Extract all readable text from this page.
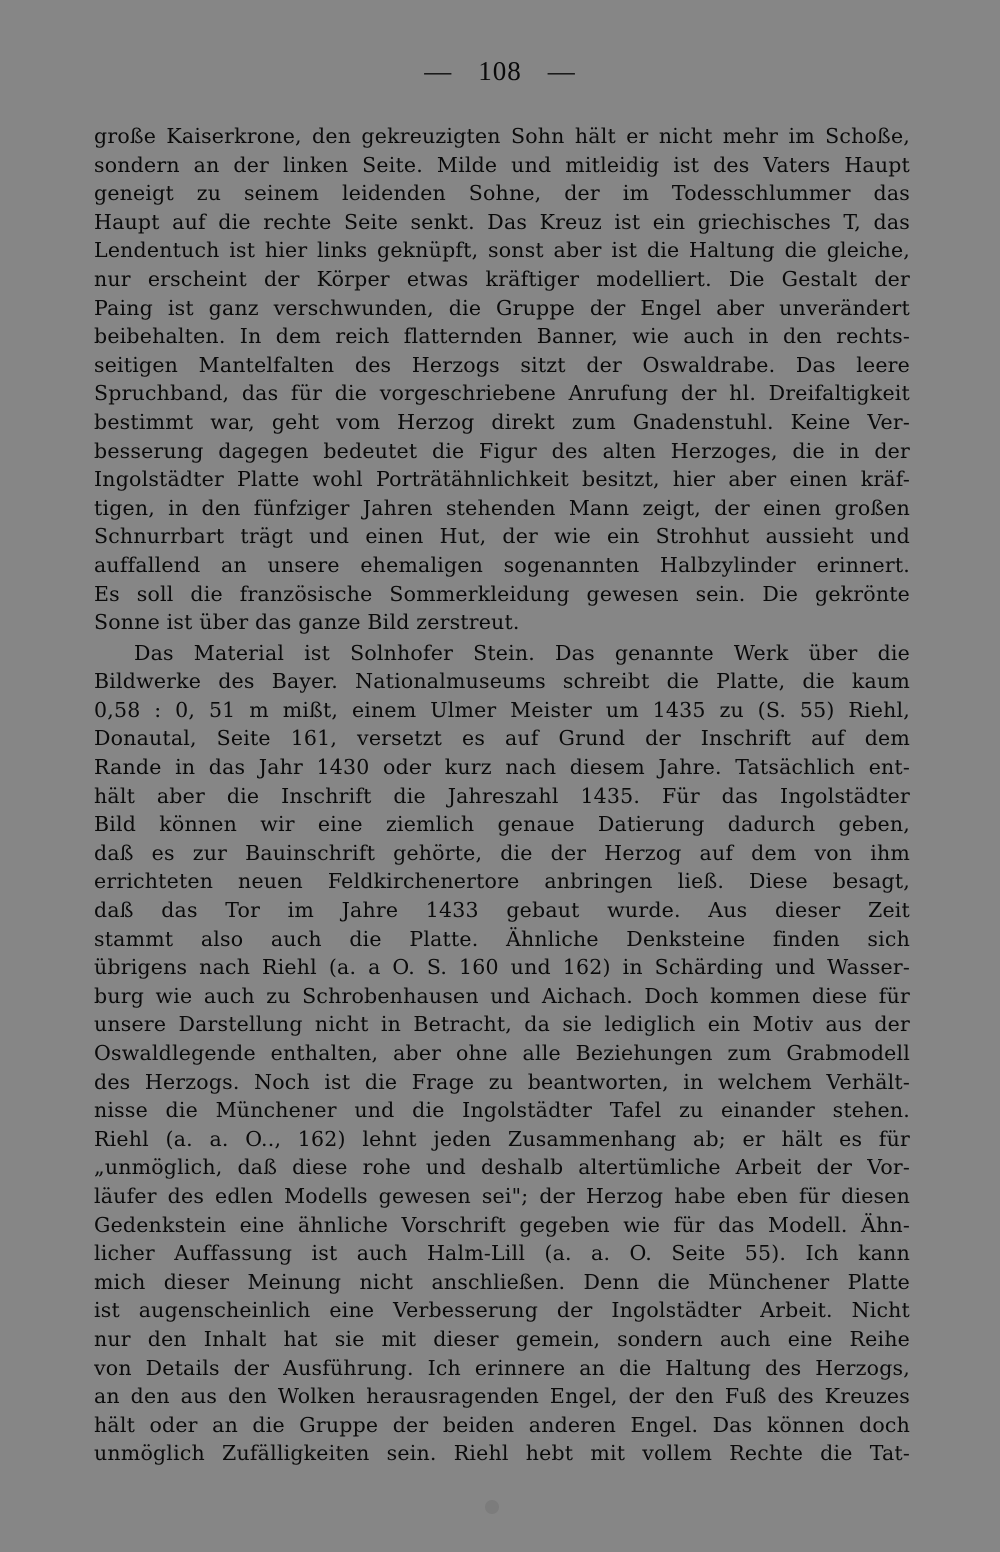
— 108 —
große Kaiserkrone, den gekreuzigten Sohn hält er nicht mehr im Schoße,
sondern an der linken Seite. Milde und mitleidig ist des Vaters Haupt
geneigt zu seinem leidenden Sohne, der im Todesschlummer das
Haupt auf die rechte Seite senkt. Das Kreuz ist ein griechisches T, das
Lendentuch ist hier links geknüpft, sonst aber ist die Haltung die gleiche,
nur erscheint der Körper etwas kräftiger modelliert. Die Gestalt der
Paing ist ganz verschwunden, die Gruppe der Engel aber unverändert
beibehalten. In dem reich flatternden Banner, wie auch in den rechts-
seitigen Mantelfalten des Herzogs sitzt der Oswaldrabe. Das leere
Spruchband, das für die vorgeschriebene Anrufung der hl. Dreifaltigkeit
bestimmt war, geht vom Herzog direkt zum Gnadenstuhl. Keine Ver-
besserung dagegen bedeutet die Figur des alten Herzoges, die in der
Ingolstädter Platte wohl Porträtähnlichkeit besitzt, hier aber einen kräf-
tigen, in den fünfziger Jahren stehenden Mann zeigt, der einen großen
Schnurrbart trägt und einen Hut, der wie ein Strohhut aussieht und
auffallend an unsere ehemaligen sogenannten Halbzylinder erinnert.
Es soll die französische Sommerkleidung gewesen sein. Die gekrönte
Sonne ist über das ganze Bild zerstreut.
Das Material ist Solnhofer Stein. Das genannte Werk über die
Bildwerke des Bayer. Nationalmuseums schreibt die Platte, die kaum
0,58 : 0, 51 m mißt, einem Ulmer Meister um 1435 zu (S. 55) Riehl,
Donautal, Seite 161, versetzt es auf Grund der Inschrift auf dem
Rande in das Jahr 1430 oder kurz nach diesem Jahre. Tatsächlich ent-
hält aber die Inschrift die Jahreszahl 1435. Für das Ingolstädter
Bild können wir eine ziemlich genaue Datierung dadurch geben,
daß es zur Bauinschrift gehörte, die der Herzog auf dem von ihm
errichteten neuen Feldkirchenertore anbringen ließ. Diese besagt,
daß das Tor im Jahre 1433 gebaut wurde. Aus dieser Zeit
stammt also auch die Platte. Ähnliche Denksteine finden sich
übrigens nach Riehl (a. a O. S. 160 und 162) in Schärding und Wasser-
burg wie auch zu Schrobenhausen und Aichach. Doch kommen diese für
unsere Darstellung nicht in Betracht, da sie lediglich ein Motiv aus der
Oswaldlegende enthalten, aber ohne alle Beziehungen zum Grabmodell
des Herzogs. Noch ist die Frage zu beantworten, in welchem Verhält-
nisse die Münchener und die Ingolstädter Tafel zu einander stehen.
Riehl (a. a. O.., 162) lehnt jeden Zusammenhang ab; er hält es für
„unmöglich, daß diese rohe und deshalb altertümliche Arbeit der Vor-
läufer des edlen Modells gewesen sei"; der Herzog habe eben für diesen
Gedenkstein eine ähnliche Vorschrift gegeben wie für das Modell. Ähn-
licher Auffassung ist auch Halm-Lill (a. a. O. Seite 55). Ich kann
mich dieser Meinung nicht anschließen. Denn die Münchener Platte
ist augenscheinlich eine Verbesserung der Ingolstädter Arbeit. Nicht
nur den Inhalt hat sie mit dieser gemein, sondern auch eine Reihe
von Details der Ausführung. Ich erinnere an die Haltung des Herzogs,
an den aus den Wolken herausragenden Engel, der den Fuß des Kreuzes
hält oder an die Gruppe der beiden anderen Engel. Das können doch
unmöglich Zufälligkeiten sein. Riehl hebt mit vollem Rechte die Tat-
